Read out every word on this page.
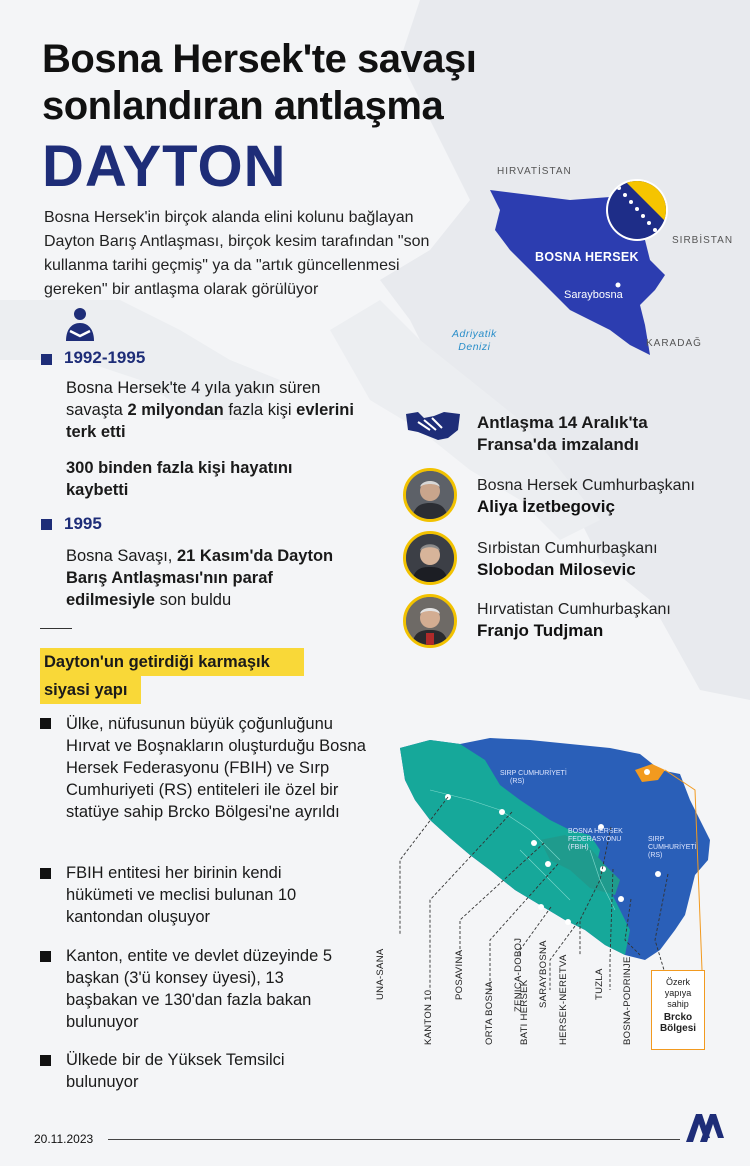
Bosna Hersek'te savaşı
sonlandıran antlaşma
DAYTON
Bosna Hersek'in birçok alanda elini kolunu bağlayan Dayton Barış Antlaşması, birçok kesim tarafından "son kullanma tarihi geçmiş" ya da "artık güncellenmesi gereken" bir antlaşma olarak görülüyor
HIRVATİSTAN
SIRBİSTAN
KARADAĞ
BOSNA HERSEK
Saraybosna
Adriyatik
Denizi
1992-1995
Bosna Hersek'te 4 yıla yakın süren savaşta 2 milyondan fazla kişi evlerini terk etti
300 binden fazla kişi hayatını kaybetti
1995
Bosna Savaşı, 21 Kasım'da Dayton Barış Antlaşması'nın paraf edilmesiyle son buldu
Antlaşma 14 Aralık'ta
Fransa'da imzalandı
Bosna Hersek Cumhurbaşkanı
Aliya İzetbegoviç
Sırbistan Cumhurbaşkanı
Slobodan Milosevic
Hırvatistan Cumhurbaşkanı
Franjo Tudjman
Dayton'un getirdiği karmaşık
siyasi yapı
Ülke, nüfusunun büyük çoğunluğunu Hırvat ve Boşnakların oluşturduğu Bosna Hersek Federasyonu (FBIH) ve Sırp Cumhuriyeti (RS) entiteleri ile özel bir statüye sahip Brcko Bölgesi'ne ayrıldı
FBIH entitesi her birinin kendi hükümeti ve meclisi bulunan 10 kantondan oluşuyor
Kanton, entite ve devlet düzeyinde 5 başkan (3'ü konsey üyesi), 13 başbakan ve 130'dan fazla bakan bulunuyor
Ülkede bir de Yüksek Temsilci bulunuyor
SIRP CUMHURİYETİ
(RS)
BOSNA HERSEK
FEDERASYONU
(FBIH)
SIRP
CUMHURİYETİ
(RS)
UNA-SANA
KANTON 10
POSAVINA
ORTA BOSNA
ZENICA-DOBOJ
BATI HERSEK
SARAYBOSNA HERSEK-NERETVA	TUZLA BOSNA-PODRINJE	Özerk
yapıya
sahip
Brcko
Bölgesi
20.11.2023
